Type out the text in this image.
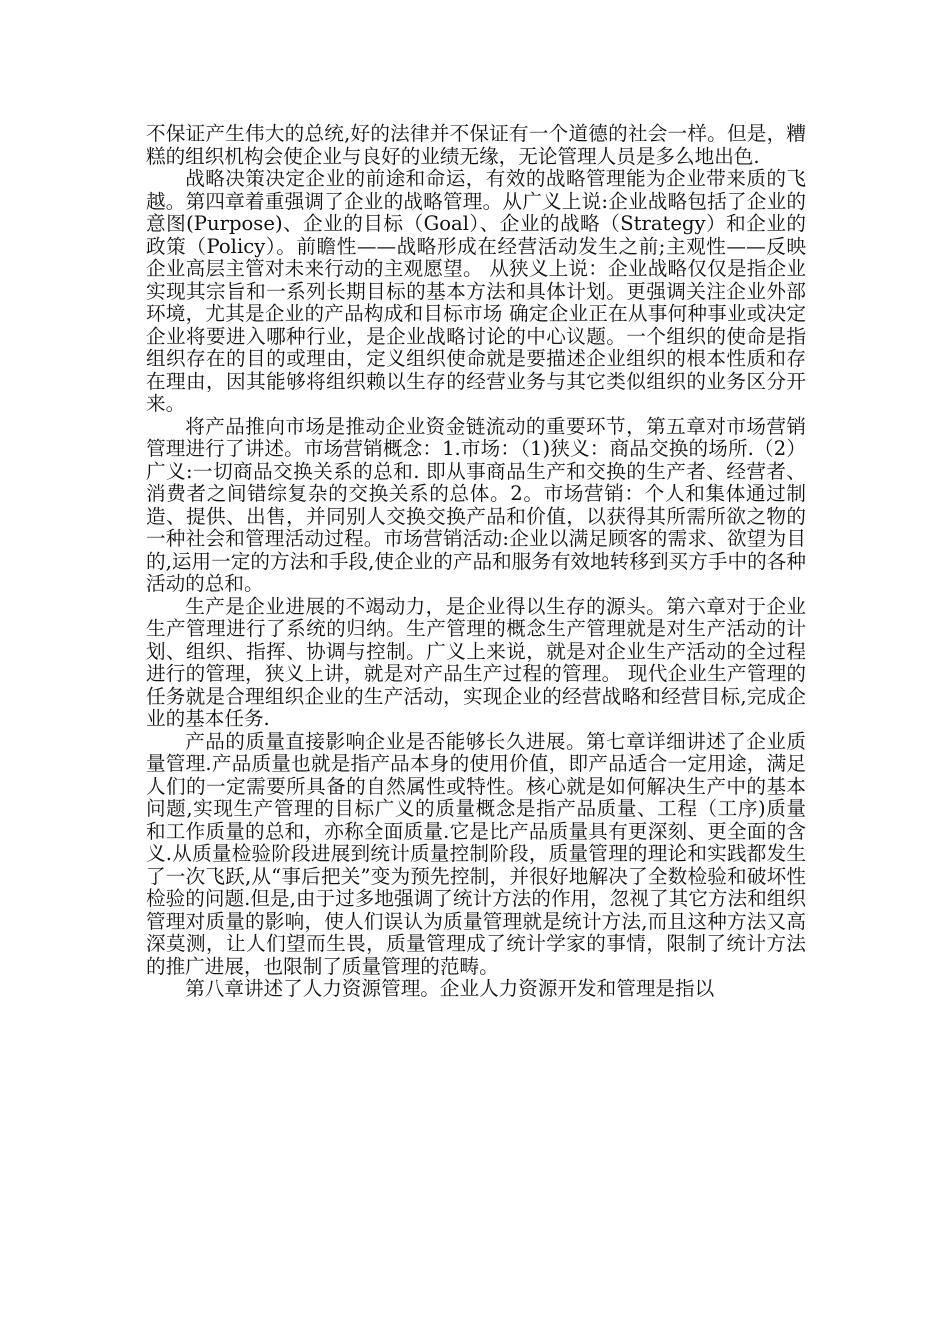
不保证产生伟大的总统,好的法律并不保证有一个道德的社会一样。但是，糟糕的组织机构会使企业与良好的业绩无缘，无论管理人员是多么地出色.

战略决策决定企业的前途和命运，有效的战略管理能为企业带来质的飞越。第四章着重强调了企业的战略管理。从广义上说:企业战略包括了企业的意图(Purpose)、企业的目标（Goal）、企业的战略（Strategy）和企业的政策（Policy）。前瞻性——战略形成在经营活动发生之前;主观性——反映企业高层主管对未来行动的主观愿望。 从狭义上说：企业战略仅仅是指企业实现其宗旨和一系列长期目标的基本方法和具体计划。更强调关注企业外部环境，尤其是企业的产品构成和目标市场 确定企业正在从事何种事业或决定企业将要进入哪种行业，是企业战略讨论的中心议题。一个组织的使命是指组织存在的目的或理由，定义组织使命就是要描述企业组织的根本性质和存在理由，因其能够将组织赖以生存的经营业务与其它类似组织的业务区分开来。

将产品推向市场是推动企业资金链流动的重要环节，第五章对市场营销管理进行了讲述。市场营销概念：1.市场：（1)狭义：商品交换的场所.（2）广义:一切商品交换关系的总和. 即从事商品生产和交换的生产者、经营者、消费者之间错综复杂的交换关系的总体。2。市场营销：个人和集体通过制造、提供、出售，并同别人交换交换产品和价值，以获得其所需所欲之物的一种社会和管理活动过程。市场营销活动:企业以满足顾客的需求、欲望为目的,运用一定的方法和手段,使企业的产品和服务有效地转移到买方手中的各种活动的总和。

生产是企业进展的不竭动力，是企业得以生存的源头。第六章对于企业生产管理进行了系统的归纳。生产管理的概念生产管理就是对生产活动的计划、组织、指挥、协调与控制。广义上来说，就是对企业生产活动的全过程进行的管理，狭义上讲，就是对产品生产过程的管理。 现代企业生产管理的任务就是合理组织企业的生产活动，实现企业的经营战略和经营目标,完成企业的基本任务.

产品的质量直接影响企业是否能够长久进展。第七章详细讲述了企业质量管理.产品质量也就是指产品本身的使用价值，即产品适合一定用途，满足人们的一定需要所具备的自然属性或特性。核心就是如何解决生产中的基本问题,实现生产管理的目标广义的质量概念是指产品质量、工程（工序)质量和工作质量的总和，亦称全面质量.它是比产品质量具有更深刻、更全面的含义.从质量检验阶段进展到统计质量控制阶段，质量管理的理论和实践都发生了一次飞跃,从“事后把关”变为预先控制，并很好地解决了全数检验和破坏性检验的问题.但是,由于过多地强调了统计方法的作用，忽视了其它方法和组织管理对质量的影响，使人们误认为质量管理就是统计方法,而且这种方法又高深莫测，让人们望而生畏，质量管理成了统计学家的事情，限制了统计方法的推广进展，也限制了质量管理的范畴。

第八章讲述了人力资源管理。企业人力资源开发和管理是指以
